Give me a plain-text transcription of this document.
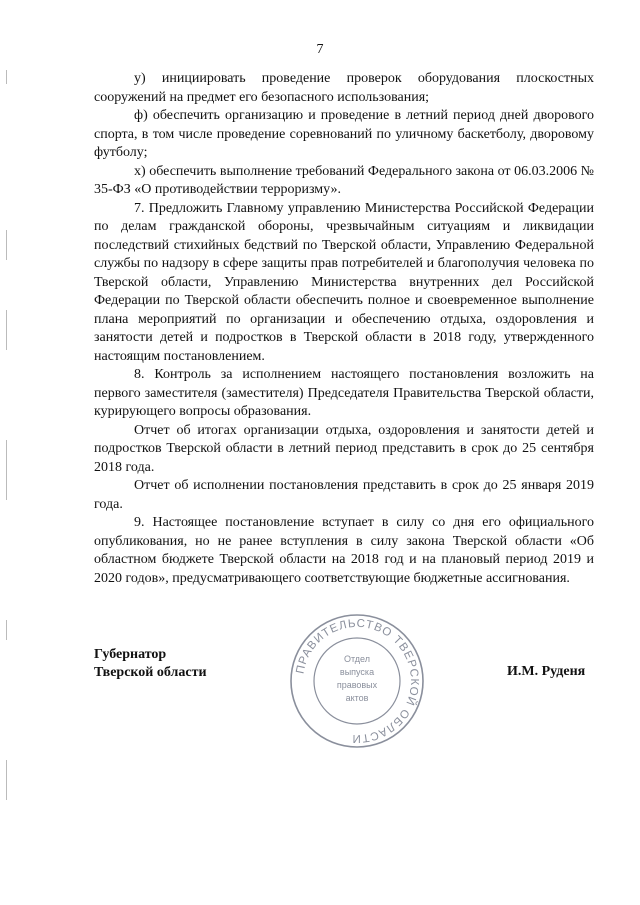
7

у) инициировать проведение проверок оборудования плоскостных сооружений на предмет его безопасного использования;

ф) обеспечить организацию и проведение в летний период дней дворового спорта, в том числе проведение соревнований по уличному баскетболу, дворовому футболу;

х) обеспечить выполнение требований Федерального закона от 06.03.2006 № 35-ФЗ «О противодействии терроризму».

7. Предложить Главному управлению Министерства Российской Федерации по делам гражданской обороны, чрезвычайным ситуациям и ликвидации последствий стихийных бедствий по Тверской области, Управлению Федеральной службы по надзору в сфере защиты прав потребителей и благополучия человека по Тверской области, Управлению Министерства внутренних дел Российской Федерации по Тверской области обеспечить полное и своевременное выполнение плана мероприятий по организации и обеспечению отдыха, оздоровления и занятости детей и подростков в Тверской области в 2018 году, утвержденного настоящим постановлением.

8. Контроль за исполнением настоящего постановления возложить на первого заместителя (заместителя) Председателя Правительства Тверской области, курирующего вопросы образования.

Отчет об итогах организации отдыха, оздоровления и занятости детей и подростков Тверской области в летний период представить в срок до 25 сентября 2018 года.

Отчет об исполнении постановления представить в срок до 25 января 2019 года.

9. Настоящее постановление вступает в силу со дня его официального опубликования, но не ранее вступления в силу закона Тверской области «Об областном бюджете Тверской области на 2018 год и на плановый период 2019 и 2020 годов», предусматривающего соответствующие бюджетные ассигнования.

Губернатор
Тверской области	И.М. Руденя
ПРАВИТЕЛЬСТВО ТВЕРСКОЙ ОБЛАСТИ
Отдел
выпуска
правовых
актов
